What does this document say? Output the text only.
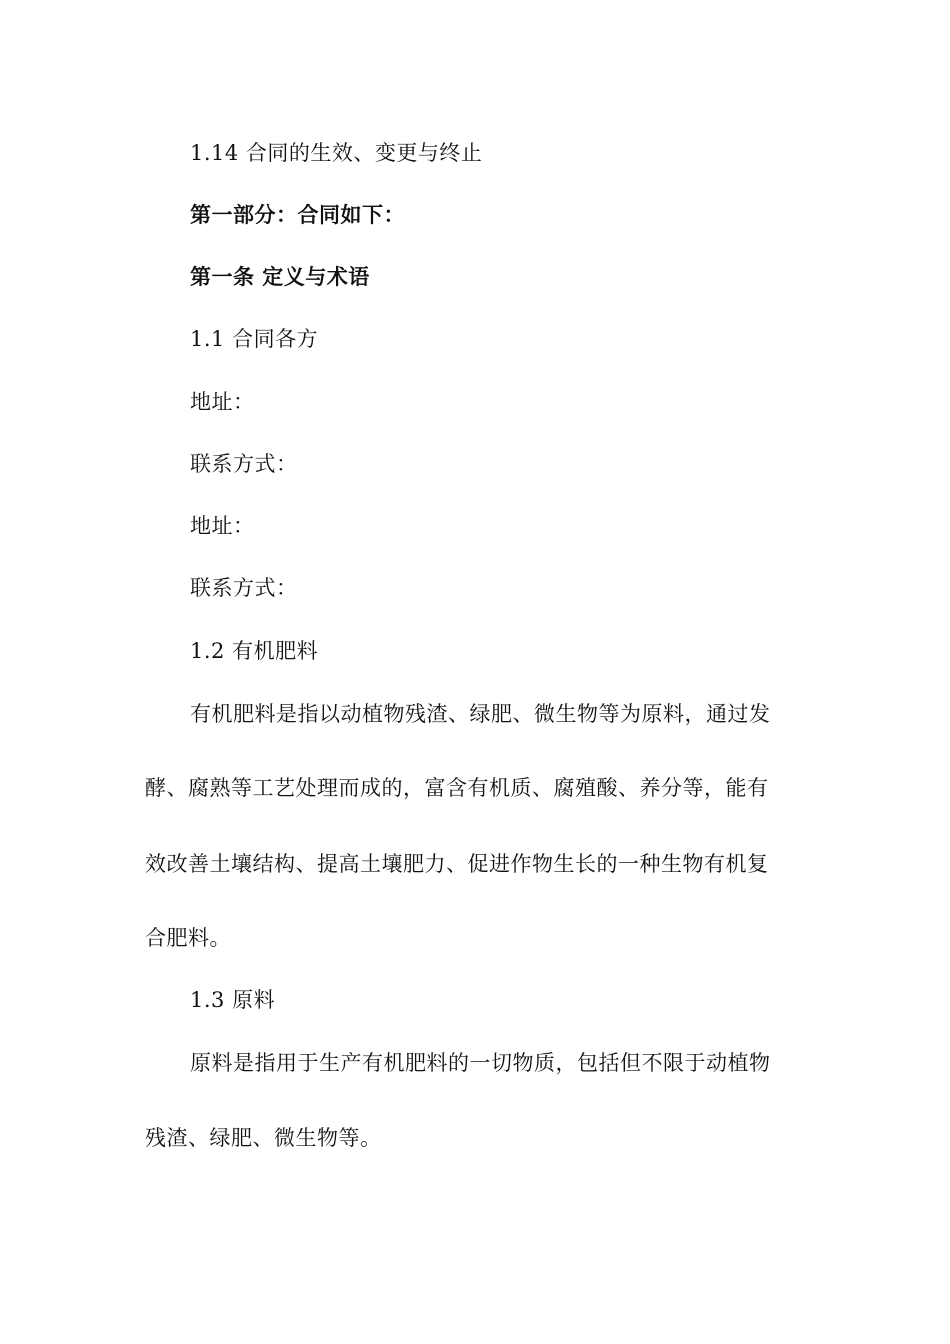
1.14 合同的生效、变更与终止
第一部分：合同如下：
第一条 定义与术语
1.1 合同各方
地址：
联系方式：
地址：
联系方式：
1.2 有机肥料
有机肥料是指以动植物残渣、绿肥、微生物等为原料，通过发
酵、腐熟等工艺处理而成的，富含有机质、腐殖酸、养分等，能有
效改善土壤结构、提高土壤肥力、促进作物生长的一种生物有机复
合肥料。
1.3 原料
原料是指用于生产有机肥料的一切物质，包括但不限于动植物
残渣、绿肥、微生物等。
